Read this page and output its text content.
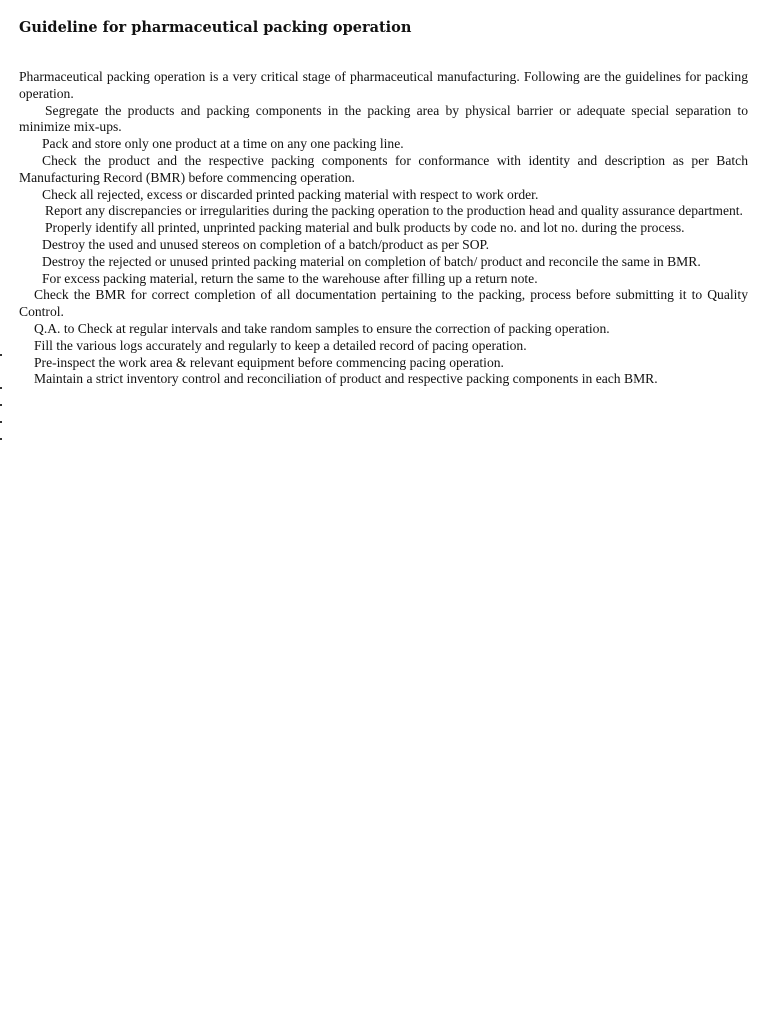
Guideline for pharmaceutical packing operation

Pharmaceutical packing operation is a very critical stage of pharmaceutical manufacturing. Following are the guidelines for packing operation.

Segregate the products and packing components in the packing area by physical barrier or adequate special separation to minimize mix-ups.

Pack and store only one product at a time on any one packing line.

Check the product and the respective packing components for conformance with identity and description as per Batch Manufacturing Record (BMR) before commencing operation.

Check all rejected, excess or discarded printed packing material with respect to work order.

Report any discrepancies or irregularities during the packing operation to the production head and quality assurance department.

Properly identify all printed, unprinted packing material and bulk products by code no. and lot no. during the process.

Destroy the used and unused stereos on completion of a batch/product as per SOP.

Destroy the rejected or unused printed packing material on completion of batch/ product and reconcile the same in BMR.

For excess packing material, return the same to the warehouse after filling up a return note.

Check the BMR for correct completion of all documentation pertaining to the packing, process before submitting it to Quality Control.

Q.A. to Check at regular intervals and take random samples to ensure the correction of packing operation.

Fill the various logs accurately and regularly to keep a detailed record of pacing operation.

Pre-inspect the work area & relevant equipment before commencing pacing operation.

Maintain a strict inventory control and reconciliation of product and respective packing components in each BMR.
